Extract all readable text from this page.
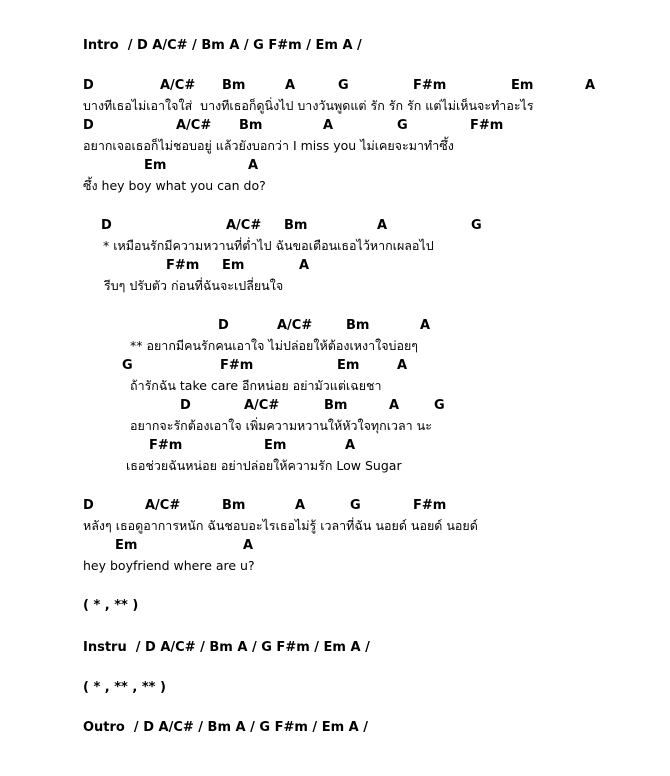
Intro  / D A/C# / Bm A / G F#m / Em A /
D	A/C# Bm	A	G	F#m	Em	A
บางทีเธอไม่เอาใจใส่  บางทีเธอก็ดูนิ่งไป บางวันพูดแต่ รัก รัก รัก แต่ไม่เห็นจะทำอะไร
D	A/C# Bm	A	G	F#m
อยากเจอเธอก็ไม่ชอบอยู่ แล้วยังบอกว่า I miss you ไม่เคยจะมาทำซึ้ง
Em	A
ซึ้ง hey boy what you can do?
D	A/C# Bm	A	G
* เหมือนรักมีความหวานที่ต่ำไป ฉันขอเตือนเธอไว้หากเผลอไป
F#m Em	A
รีบๆ ปรับตัว ก่อนที่ฉันจะเปลี่ยนใจ
D	A/C#	Bm	A
** อยากมีคนรักคนเอาใจ ไม่ปล่อยให้ต้องเหงาใจบ่อยๆ
G	F#m	Em	A
ถ้ารักฉัน take care อีกหน่อย อย่ามัวแต่เฉยชา
D	A/C#	Bm	A	G
อยากจะรักต้องเอาใจ เพิ่มความหวานให้หัวใจทุกเวลา นะ
F#m	Em	A
เธอช่วยฉันหน่อย อย่าปล่อยให้ความรัก Low Sugar
D	A/C#	Bm	A	G	F#m
หลังๆ เธอดูอาการหนัก ฉันชอบอะไรเธอไม่รู้ เวลาที่ฉัน นอยด์ นอยด์ นอยด์
Em	A
hey boyfriend where are u?
( * , ** )
Instru  / D A/C# / Bm A / G F#m / Em A /
( * , ** , ** )
Outro  / D A/C# / Bm A / G F#m / Em A /
